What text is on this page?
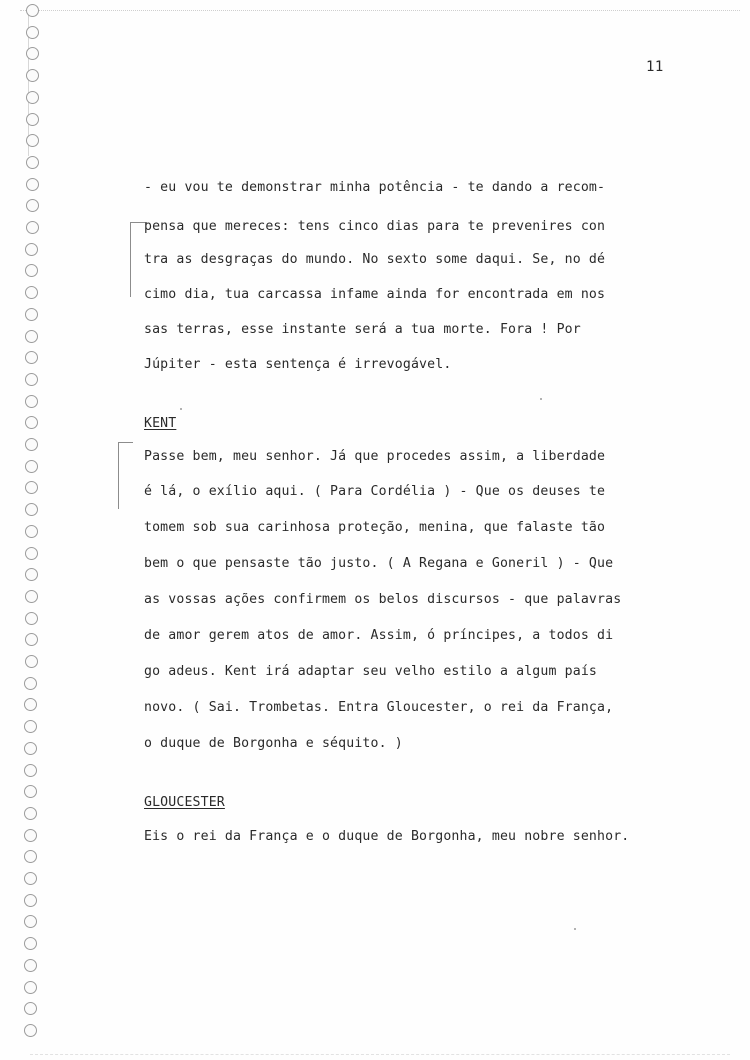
11
- eu vou te demonstrar minha potência - te dando a recom-
pensa que mereces: tens cinco dias para te prevenires con
tra as desgraças do mundo. No sexto some daqui. Se, no dé
cimo dia, tua carcassa infame ainda for encontrada em nos
sas terras, esse instante será a tua morte. Fora ! Por
Júpiter - esta sentença é irrevogável.
KENT
Passe bem, meu senhor. Já que procedes assim, a liberdade
é lá, o exílio aqui. ( Para Cordélia ) - Que os deuses te
tomem sob sua carinhosa proteção, menina, que falaste tão
bem o que pensaste tão justo. ( A Regana e Goneril ) - Que
as vossas ações confirmem os belos discursos - que palavras
de amor gerem atos de amor. Assim, ó príncipes, a todos di
go adeus. Kent irá adaptar seu velho estilo a algum país
novo. ( Sai. Trombetas. Entra Gloucester, o rei da França,
o duque de Borgonha e séquito. )
GLOUCESTER
Eis o rei da França e o duque de Borgonha, meu nobre senhor.
